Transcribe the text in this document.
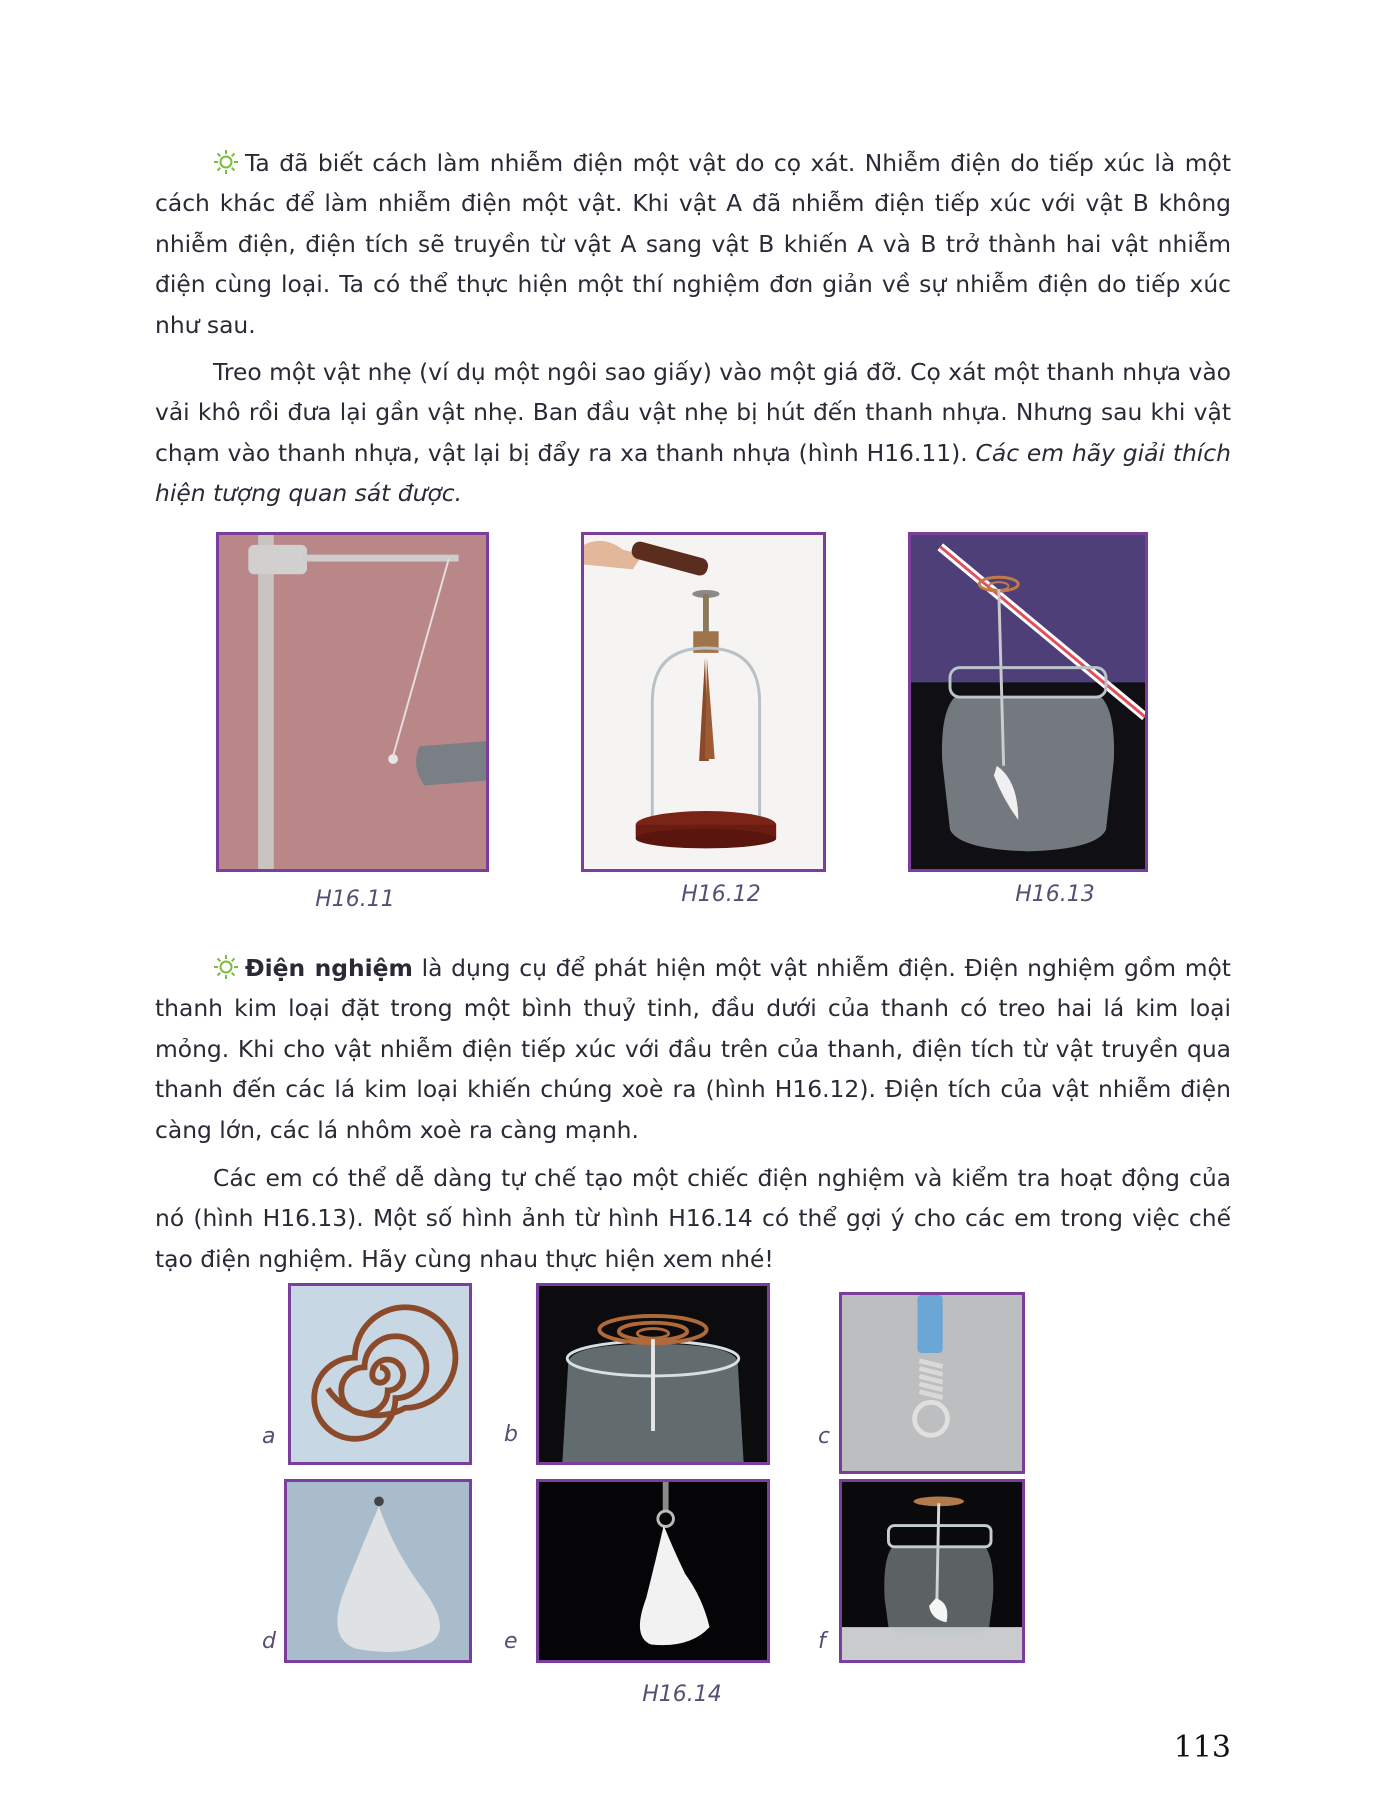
Ta đã biết cách làm nhiễm điện một vật do cọ xát. Nhiễm điện do tiếp xúc là một cách khác để làm nhiễm điện một vật. Khi vật A đã nhiễm điện tiếp xúc với vật B không nhiễm điện, điện tích sẽ truyền từ vật A sang vật B khiến A và B trở thành hai vật nhiễm điện cùng loại. Ta có thể thực hiện một thí nghiệm đơn giản về sự nhiễm điện do tiếp xúc như sau.

Treo một vật nhẹ (ví dụ một ngôi sao giấy) vào một giá đỡ. Cọ xát một thanh nhựa vào vải khô rồi đưa lại gần vật nhẹ. Ban đầu vật nhẹ bị hút đến thanh nhựa. Nhưng sau khi vật chạm vào thanh nhựa, vật lại bị đẩy ra xa thanh nhựa (hình H16.11). Các em hãy giải thích hiện tượng quan sát được.

H16.11	H16.12	H16.13

Điện nghiệm là dụng cụ để phát hiện một vật nhiễm điện. Điện nghiệm gồm một thanh kim loại đặt trong một bình thuỷ tinh, đầu dưới của thanh có treo hai lá kim loại mỏng. Khi cho vật nhiễm điện tiếp xúc với đầu trên của thanh, điện tích từ vật truyền qua thanh đến các lá kim loại khiến chúng xoè ra (hình H16.12). Điện tích của vật nhiễm điện càng lớn, các lá nhôm xoè ra càng mạnh.

Các em có thể dễ dàng tự chế tạo một chiếc điện nghiệm và kiểm tra hoạt động của nó (hình H16.13). Một số hình ảnh từ hình H16.14 có thể gợi ý cho các em trong việc chế tạo điện nghiệm. Hãy cùng nhau thực hiện xem nhé!

a	b	c
d	e	f
H16.14
113
